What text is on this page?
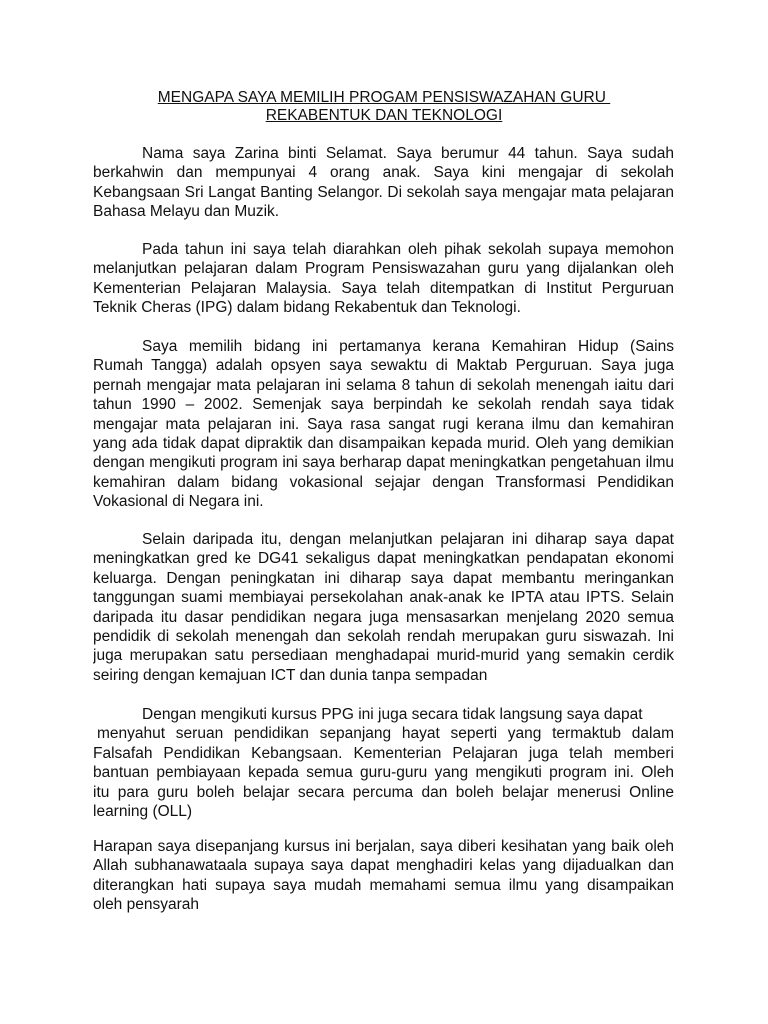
MENGAPA SAYA MEMILIH PROGAM PENSISWAZAHAN GURU
REKABENTUK DAN TEKNOLOGI
Nama saya Zarina binti Selamat. Saya berumur 44 tahun. Saya sudah
berkahwin dan mempunyai 4 orang anak. Saya kini mengajar di sekolah
Kebangsaan Sri Langat Banting Selangor. Di sekolah saya mengajar mata pelajaran
Bahasa Melayu dan Muzik.
Pada tahun ini saya telah diarahkan oleh pihak sekolah supaya memohon
melanjutkan pelajaran dalam Program Pensiswazahan guru yang dijalankan oleh
Kementerian Pelajaran Malaysia. Saya telah ditempatkan di Institut Perguruan
Teknik Cheras (IPG) dalam bidang Rekabentuk dan Teknologi.
Saya memilih bidang ini pertamanya kerana Kemahiran Hidup (Sains
Rumah Tangga) adalah opsyen saya sewaktu di Maktab Perguruan. Saya juga
pernah mengajar mata pelajaran ini selama 8 tahun di sekolah menengah iaitu dari
tahun 1990 – 2002. Semenjak saya berpindah ke sekolah rendah saya tidak
mengajar mata pelajaran ini. Saya rasa sangat rugi kerana ilmu dan kemahiran
yang ada tidak dapat dipraktik dan disampaikan kepada murid. Oleh yang demikian
dengan mengikuti program ini saya berharap dapat meningkatkan pengetahuan ilmu
kemahiran dalam bidang vokasional sejajar dengan Transformasi Pendidikan
Vokasional di Negara ini.
Selain daripada itu, dengan melanjutkan pelajaran ini diharap saya dapat
meningkatkan gred ke DG41 sekaligus dapat meningkatkan pendapatan ekonomi
keluarga. Dengan peningkatan ini diharap saya dapat membantu meringankan
tanggungan suami membiayai persekolahan anak-anak ke IPTA atau IPTS. Selain
daripada itu dasar pendidikan negara juga mensasarkan menjelang 2020 semua
pendidik di sekolah menengah dan sekolah rendah merupakan guru siswazah. Ini
juga merupakan satu persediaan menghadapai murid-murid yang semakin cerdik
seiring dengan kemajuan ICT dan dunia tanpa sempadan
Dengan mengikuti kursus PPG ini juga secara tidak langsung saya dapat
menyahut seruan pendidikan sepanjang hayat seperti yang termaktub dalam
Falsafah Pendidikan Kebangsaan. Kementerian Pelajaran juga telah memberi
bantuan pembiayaan kepada semua guru-guru yang mengikuti program ini. Oleh
itu para guru boleh belajar secara percuma dan boleh belajar menerusi Online
learning (OLL)
Harapan saya disepanjang kursus ini berjalan, saya diberi kesihatan yang baik oleh
Allah subhanawataala supaya saya dapat menghadiri kelas yang dijadualkan dan
diterangkan hati supaya saya mudah memahami semua ilmu yang disampaikan
oleh pensyarah
